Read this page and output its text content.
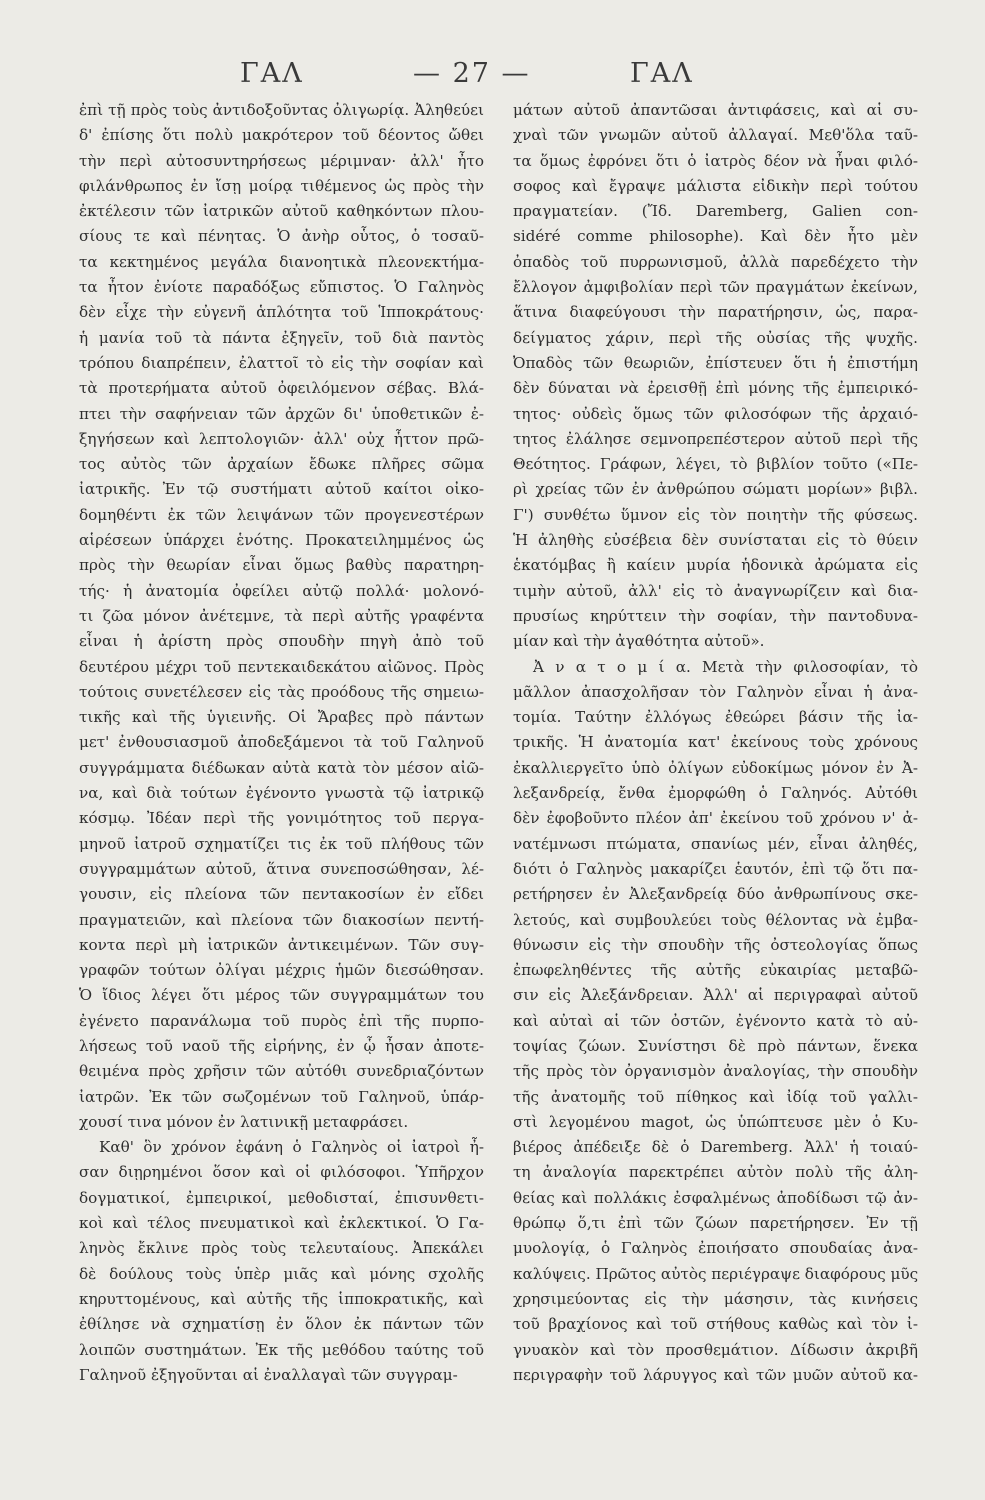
ΓΑΛ	— 27 —	ΓΑΛ

ἐπὶ τῇ πρὸς τοὺς ἀντιδοξοῦντας ὀλιγωρίᾳ. Ἀληθεύει

δ' ἐπίσης ὅτι πολὺ μακρότερον τοῦ δέοντος ὤθει

τὴν περὶ αὐτοσυντηρήσεως μέριμναν· ἀλλ' ἦτο

φιλάνθρωπος ἐν ἴσῃ μοίρᾳ τιθέμενος ὡς πρὸς τὴν

ἐκτέλεσιν τῶν ἰατρικῶν αὐτοῦ καθηκόντων πλου-

σίους τε καὶ πένητας. Ὁ ἀνὴρ οὗτος, ὁ τοσαῦ-

τα κεκτημένος μεγάλα διανοητικὰ πλεονεκτήμα-

τα ἦτον ἐνίοτε παραδόξως εὔπιστος. Ὁ Γαληνὸς

δὲν εἶχε τὴν εὐγενῆ ἁπλότητα τοῦ Ἱπποκράτους·

ἡ μανία τοῦ τὰ πάντα ἐξηγεῖν, τοῦ διὰ παντὸς

τρόπου διαπρέπειν, ἐλαττοῖ τὸ εἰς τὴν σοφίαν καὶ

τὰ προτερήματα αὐτοῦ ὀφειλόμενον σέβας. Βλά-

πτει τὴν σαφήνειαν τῶν ἀρχῶν δι' ὑποθετικῶν ἐ-

ξηγήσεων καὶ λεπτολογιῶν· ἀλλ' οὐχ ἧττον πρῶ-

τος αὐτὸς τῶν ἀρχαίων ἔδωκε πλῆρες σῶμα

ἰατρικῆς. Ἐν τῷ συστήματι αὐτοῦ καίτοι οἰκο-

δομηθέντι ἐκ τῶν λειψάνων τῶν προγενεστέρων

αἱρέσεων ὑπάρχει ἑνότης. Προκατειλημμένος ὡς

πρὸς τὴν θεωρίαν εἶναι ὅμως βαθὺς παρατηρη-

τής· ἡ ἀνατομία ὀφείλει αὐτῷ πολλά· μολονό-

τι ζῶα μόνον ἀνέτεμνε, τὰ περὶ αὐτῆς γραφέντα

εἶναι ἡ ἀρίστη πρὸς σπουδὴν πηγὴ ἀπὸ τοῦ

δευτέρου μέχρι τοῦ πεντεκαιδεκάτου αἰῶνος. Πρὸς

τούτοις συνετέλεσεν εἰς τὰς προόδους τῆς σημειω-

τικῆς καὶ τῆς ὑγιεινῆς. Οἱ Ἄραβες πρὸ πάντων

μετ' ἐνθουσιασμοῦ ἀποδεξάμενοι τὰ τοῦ Γαληνοῦ

συγγράμματα διέδωκαν αὐτὰ κατὰ τὸν μέσον αἰῶ-

να, καὶ διὰ τούτων ἐγένοντο γνωστὰ τῷ ἰατρικῷ

κόσμῳ. Ἰδέαν περὶ τῆς γονιμότητος τοῦ περγα-

μηνοῦ ἰατροῦ σχηματίζει τις ἐκ τοῦ πλήθους τῶν

συγγραμμάτων αὐτοῦ, ἅτινα συνεποσώθησαν, λέ-

γουσιν, εἰς πλείονα τῶν πεντακοσίων ἐν εἴδει

πραγματειῶν, καὶ πλείονα τῶν διακοσίων πεντή-

κοντα περὶ μὴ ἰατρικῶν ἀντικειμένων. Τῶν συγ-

γραφῶν τούτων ὀλίγαι μέχρις ἡμῶν διεσώθησαν.

Ὁ ἴδιος λέγει ὅτι μέρος τῶν συγγραμμάτων του

ἐγένετο παρανάλωμα τοῦ πυρὸς ἐπὶ τῆς πυρπο-

λήσεως τοῦ ναοῦ τῆς εἰρήνης, ἐν ᾧ ἦσαν ἀποτε-

θειμένα πρὸς χρῆσιν τῶν αὐτόθι συνεδριαζόντων

ἰατρῶν. Ἐκ τῶν σωζομένων τοῦ Γαληνοῦ, ὑπάρ-

χουσί τινα μόνον ἐν λατινικῇ μεταφράσει.

Καθ' ὃν χρόνον ἐφάνη ὁ Γαληνὸς οἱ ἰατροὶ ἦ-

σαν διῃρημένοι ὅσον καὶ οἱ φιλόσοφοι. Ὑπῆρχον

δογματικοί, ἐμπειρικοί, μεθοδισταί, ἐπισυνθετι-

κοὶ καὶ τέλος πνευματικοὶ καὶ ἐκλεκτικοί. Ὁ Γα-

ληνὸς ἔκλινε πρὸς τοὺς τελευταίους. Ἀπεκάλει

δὲ δούλους τοὺς ὑπὲρ μιᾶς καὶ μόνης σχολῆς

κηρυττομένους, καὶ αὐτῆς τῆς ἱπποκρατικῆς, καὶ

ἐθίλησε νὰ σχηματίσῃ ἐν ὅλον ἐκ πάντων τῶν

λοιπῶν συστημάτων. Ἐκ τῆς μεθόδου ταύτης τοῦ

Γαληνοῦ ἐξηγοῦνται αἱ ἐναλλαγαὶ τῶν συγγραμ-

μάτων αὐτοῦ ἀπαντῶσαι ἀντιφάσεις, καὶ αἱ συ-

χναὶ τῶν γνωμῶν αὐτοῦ ἀλλαγαί. Μεθ'ὅλα ταῦ-

τα ὅμως ἐφρόνει ὅτι ὁ ἰατρὸς δέον νὰ ἦναι φιλό-

σοφος καὶ ἔγραψε μάλιστα εἰδικὴν περὶ τούτου

πραγματείαν. (Ἴδ. Daremberg, Galien con-

sidéré comme philosophe). Καὶ δὲν ἦτο μὲν

ὀπαδὸς τοῦ πυρρωνισμοῦ, ἀλλὰ παρεδέχετο τὴν

ἔλλογον ἀμφιβολίαν περὶ τῶν πραγμάτων ἐκείνων,

ἅτινα διαφεύγουσι τὴν παρατήρησιν, ὡς, παρα-

δείγματος χάριν, περὶ τῆς οὐσίας τῆς ψυχῆς.

Ὀπαδὸς τῶν θεωριῶν, ἐπίστευεν ὅτι ἡ ἐπιστήμη

δὲν δύναται νὰ ἐρεισθῇ ἐπὶ μόνης τῆς ἐμπειρικό-

τητος· οὐδεὶς ὅμως τῶν φιλοσόφων τῆς ἀρχαιό-

τητος ἐλάλησε σεμνοπρεπέστερον αὐτοῦ περὶ τῆς

Θεότητος. Γράφων, λέγει, τὸ βιβλίον τοῦτο («Πε-

ρὶ χρείας τῶν ἐν ἀνθρώπου σώματι μορίων» βιβλ.

Γ') συνθέτω ὕμνον εἰς τὸν ποιητὴν τῆς φύσεως.

Ἡ ἀληθὴς εὐσέβεια δὲν συνίσταται εἰς τὸ θύειν

ἑκατόμβας ἢ καίειν μυρία ἡδονικὰ ἀρώματα εἰς

τιμὴν αὐτοῦ, ἀλλ' εἰς τὸ ἀναγνωρίζειν καὶ δια-

πρυσίως κηρύττειν τὴν σοφίαν, τὴν παντοδυνα-

μίαν καὶ τὴν ἀγαθότητα αὐτοῦ».

Ἀ ν α τ ο μ ί α. Μετὰ τὴν φιλοσοφίαν, τὸ

μᾶλλον ἀπασχολῆσαν τὸν Γαληνὸν εἶναι ἡ ἀνα-

τομία. Ταύτην ἐλλόγως ἐθεώρει βάσιν τῆς ἰα-

τρικῆς. Ἡ ἀνατομία κατ' ἐκείνους τοὺς χρόνους

ἐκαλλιεργεῖτο ὑπὸ ὀλίγων εὐδοκίμως μόνον ἐν Ἀ-

λεξανδρείᾳ, ἔνθα ἐμορφώθη ὁ Γαληνός. Αὐτόθι

δὲν ἐφοβοῦντο πλέον ἀπ' ἐκείνου τοῦ χρόνου ν' ἀ-

νατέμνωσι πτώματα, σπανίως μέν, εἶναι ἀληθές,

διότι ὁ Γαληνὸς μακαρίζει ἑαυτόν, ἐπὶ τῷ ὅτι πα-

ρετήρησεν ἐν Ἀλεξανδρείᾳ δύο ἀνθρωπίνους σκε-

λετούς, καὶ συμβουλεύει τοὺς θέλοντας νὰ ἐμβα-

θύνωσιν εἰς τὴν σπουδὴν τῆς ὀστεολογίας ὅπως

ἐπωφεληθέντες τῆς αὐτῆς εὐκαιρίας μεταβῶ-

σιν εἰς Ἀλεξάνδρειαν. Ἀλλ' αἱ περιγραφαὶ αὐτοῦ

καὶ αὐταὶ αἱ τῶν ὀστῶν, ἐγένοντο κατὰ τὸ αὐ-

τοψίας ζώων. Συνίστησι δὲ πρὸ πάντων, ἕνεκα

τῆς πρὸς τὸν ὀργανισμὸν ἀναλογίας, τὴν σπουδὴν

τῆς ἀνατομῆς τοῦ πίθηκος καὶ ἰδίᾳ τοῦ γαλλι-

στὶ λεγομένου magot, ὡς ὑπώπτευσε μὲν ὁ Κυ-

βιέρος ἀπέδειξε δὲ ὁ Daremberg. Ἀλλ' ἡ τοιαύ-

τη ἀναλογία παρεκτρέπει αὐτὸν πολὺ τῆς ἀλη-

θείας καὶ πολλάκις ἐσφαλμένως ἀποδίδωσι τῷ ἀν-

θρώπῳ ὅ,τι ἐπὶ τῶν ζώων παρετήρησεν. Ἐν τῇ

μυολογίᾳ, ὁ Γαληνὸς ἐποιήσατο σπουδαίας ἀνα-

καλύψεις. Πρῶτος αὐτὸς περιέγραψε διαφόρους μῦς

χρησιμεύοντας εἰς τὴν μάσησιν, τὰς κινήσεις

τοῦ βραχίονος καὶ τοῦ στήθους καθὼς καὶ τὸν ἰ-

γνυακὸν καὶ τὸν προσθεμάτιον. Δίδωσιν ἀκριβῆ

περιγραφὴν τοῦ λάρυγγος καὶ τῶν μυῶν αὐτοῦ κα-
